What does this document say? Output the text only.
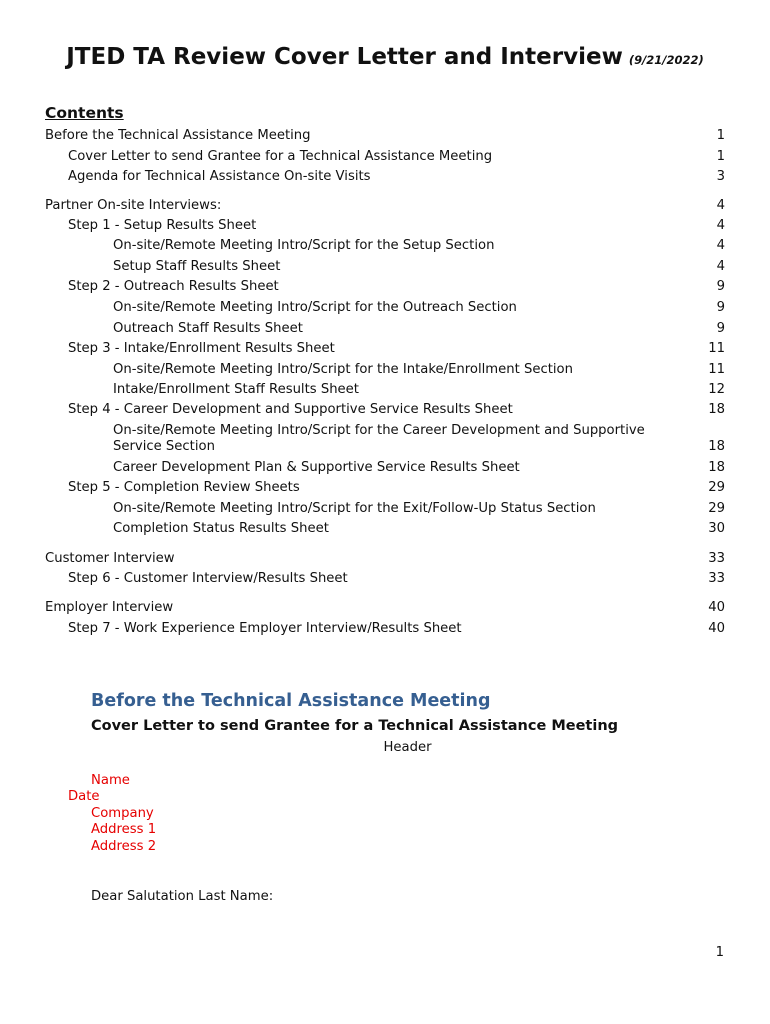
JTED TA Review Cover Letter and Interview (9/21/2022)
Contents
Before the Technical Assistance Meeting	1
Cover Letter to send Grantee for a Technical Assistance Meeting	1
Agenda for Technical Assistance On-site Visits	3
Partner On-site Interviews:	4
Step 1 - Setup Results Sheet	4
On-site/Remote Meeting Intro/Script for the Setup Section	4
Setup Staff Results Sheet	4
Step 2 - Outreach Results Sheet	9
On-site/Remote Meeting Intro/Script for the Outreach Section	9
Outreach Staff Results Sheet	9
Step 3 - Intake/Enrollment Results Sheet	11
On-site/Remote Meeting Intro/Script for the Intake/Enrollment Section	11
Intake/Enrollment Staff Results Sheet	12
Step 4 - Career Development and Supportive Service Results Sheet	18
On-site/Remote Meeting Intro/Script for the Career Development and Supportive
Service Section	18
Career Development Plan & Supportive Service Results Sheet	18
Step 5 - Completion Review Sheets	29
On-site/Remote Meeting Intro/Script for the Exit/Follow-Up Status Section	29
Completion Status Results Sheet	30
Customer Interview	33
Step 6 - Customer Interview/Results Sheet	33
Employer Interview	40
Step 7 - Work Experience Employer Interview/Results Sheet	40
Before the Technical Assistance Meeting
Cover Letter to send Grantee for a Technical Assistance Meeting
Header
Name
Date
Company
Address 1
Address 2
Dear Salutation Last Name:
1
